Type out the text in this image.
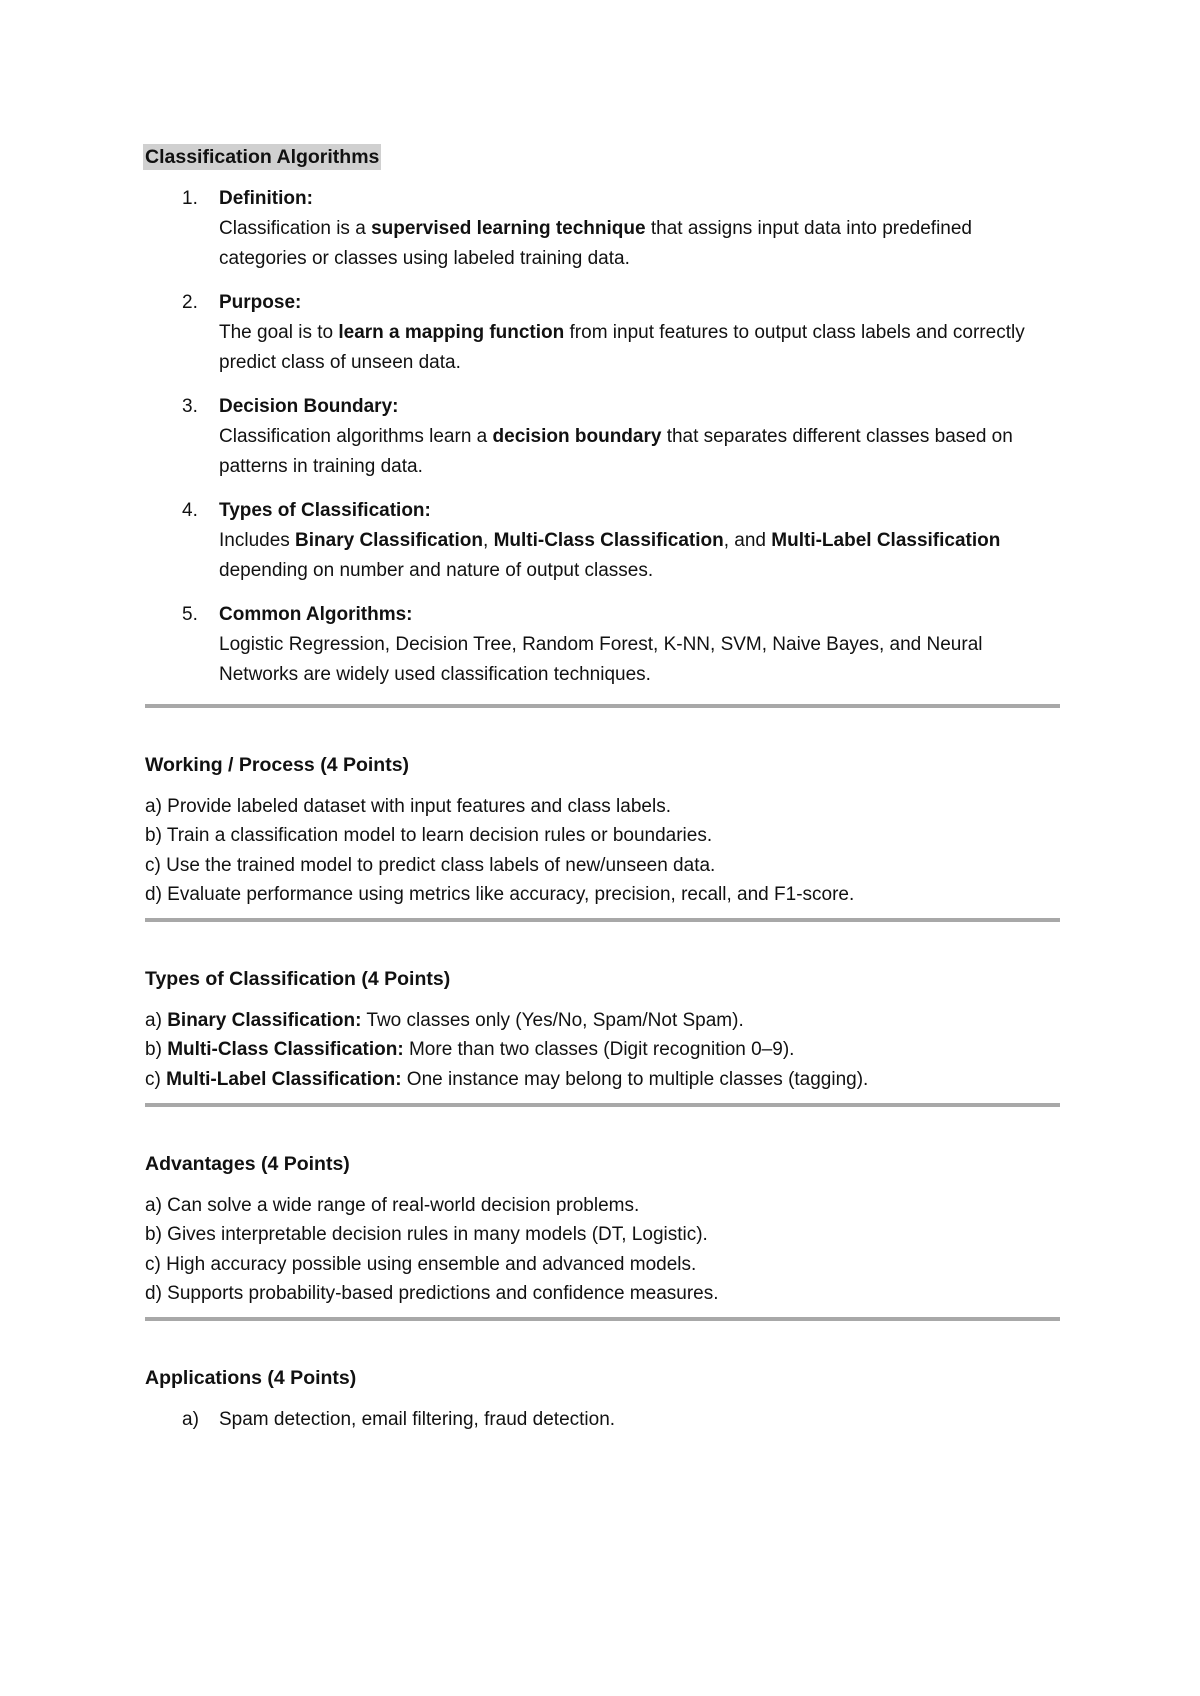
Classification Algorithms
1. Definition:
Classification is a supervised learning technique that assigns input data into predefined categories or classes using labeled training data.
2. Purpose:
The goal is to learn a mapping function from input features to output class labels and correctly predict class of unseen data.
3. Decision Boundary:
Classification algorithms learn a decision boundary that separates different classes based on patterns in training data.
4. Types of Classification:
Includes Binary Classification, Multi-Class Classification, and Multi-Label Classification depending on number and nature of output classes.
5. Common Algorithms:
Logistic Regression, Decision Tree, Random Forest, K-NN, SVM, Naive Bayes, and Neural Networks are widely used classification techniques.
Working / Process (4 Points)
a) Provide labeled dataset with input features and class labels.
b) Train a classification model to learn decision rules or boundaries.
c) Use the trained model to predict class labels of new/unseen data.
d) Evaluate performance using metrics like accuracy, precision, recall, and F1-score.
Types of Classification (4 Points)
a) Binary Classification: Two classes only (Yes/No, Spam/Not Spam).
b) Multi-Class Classification: More than two classes (Digit recognition 0–9).
c) Multi-Label Classification: One instance may belong to multiple classes (tagging).
Advantages (4 Points)
a) Can solve a wide range of real-world decision problems.
b) Gives interpretable decision rules in many models (DT, Logistic).
c) High accuracy possible using ensemble and advanced models.
d) Supports probability-based predictions and confidence measures.
Applications (4 Points)
a) Spam detection, email filtering, fraud detection.
